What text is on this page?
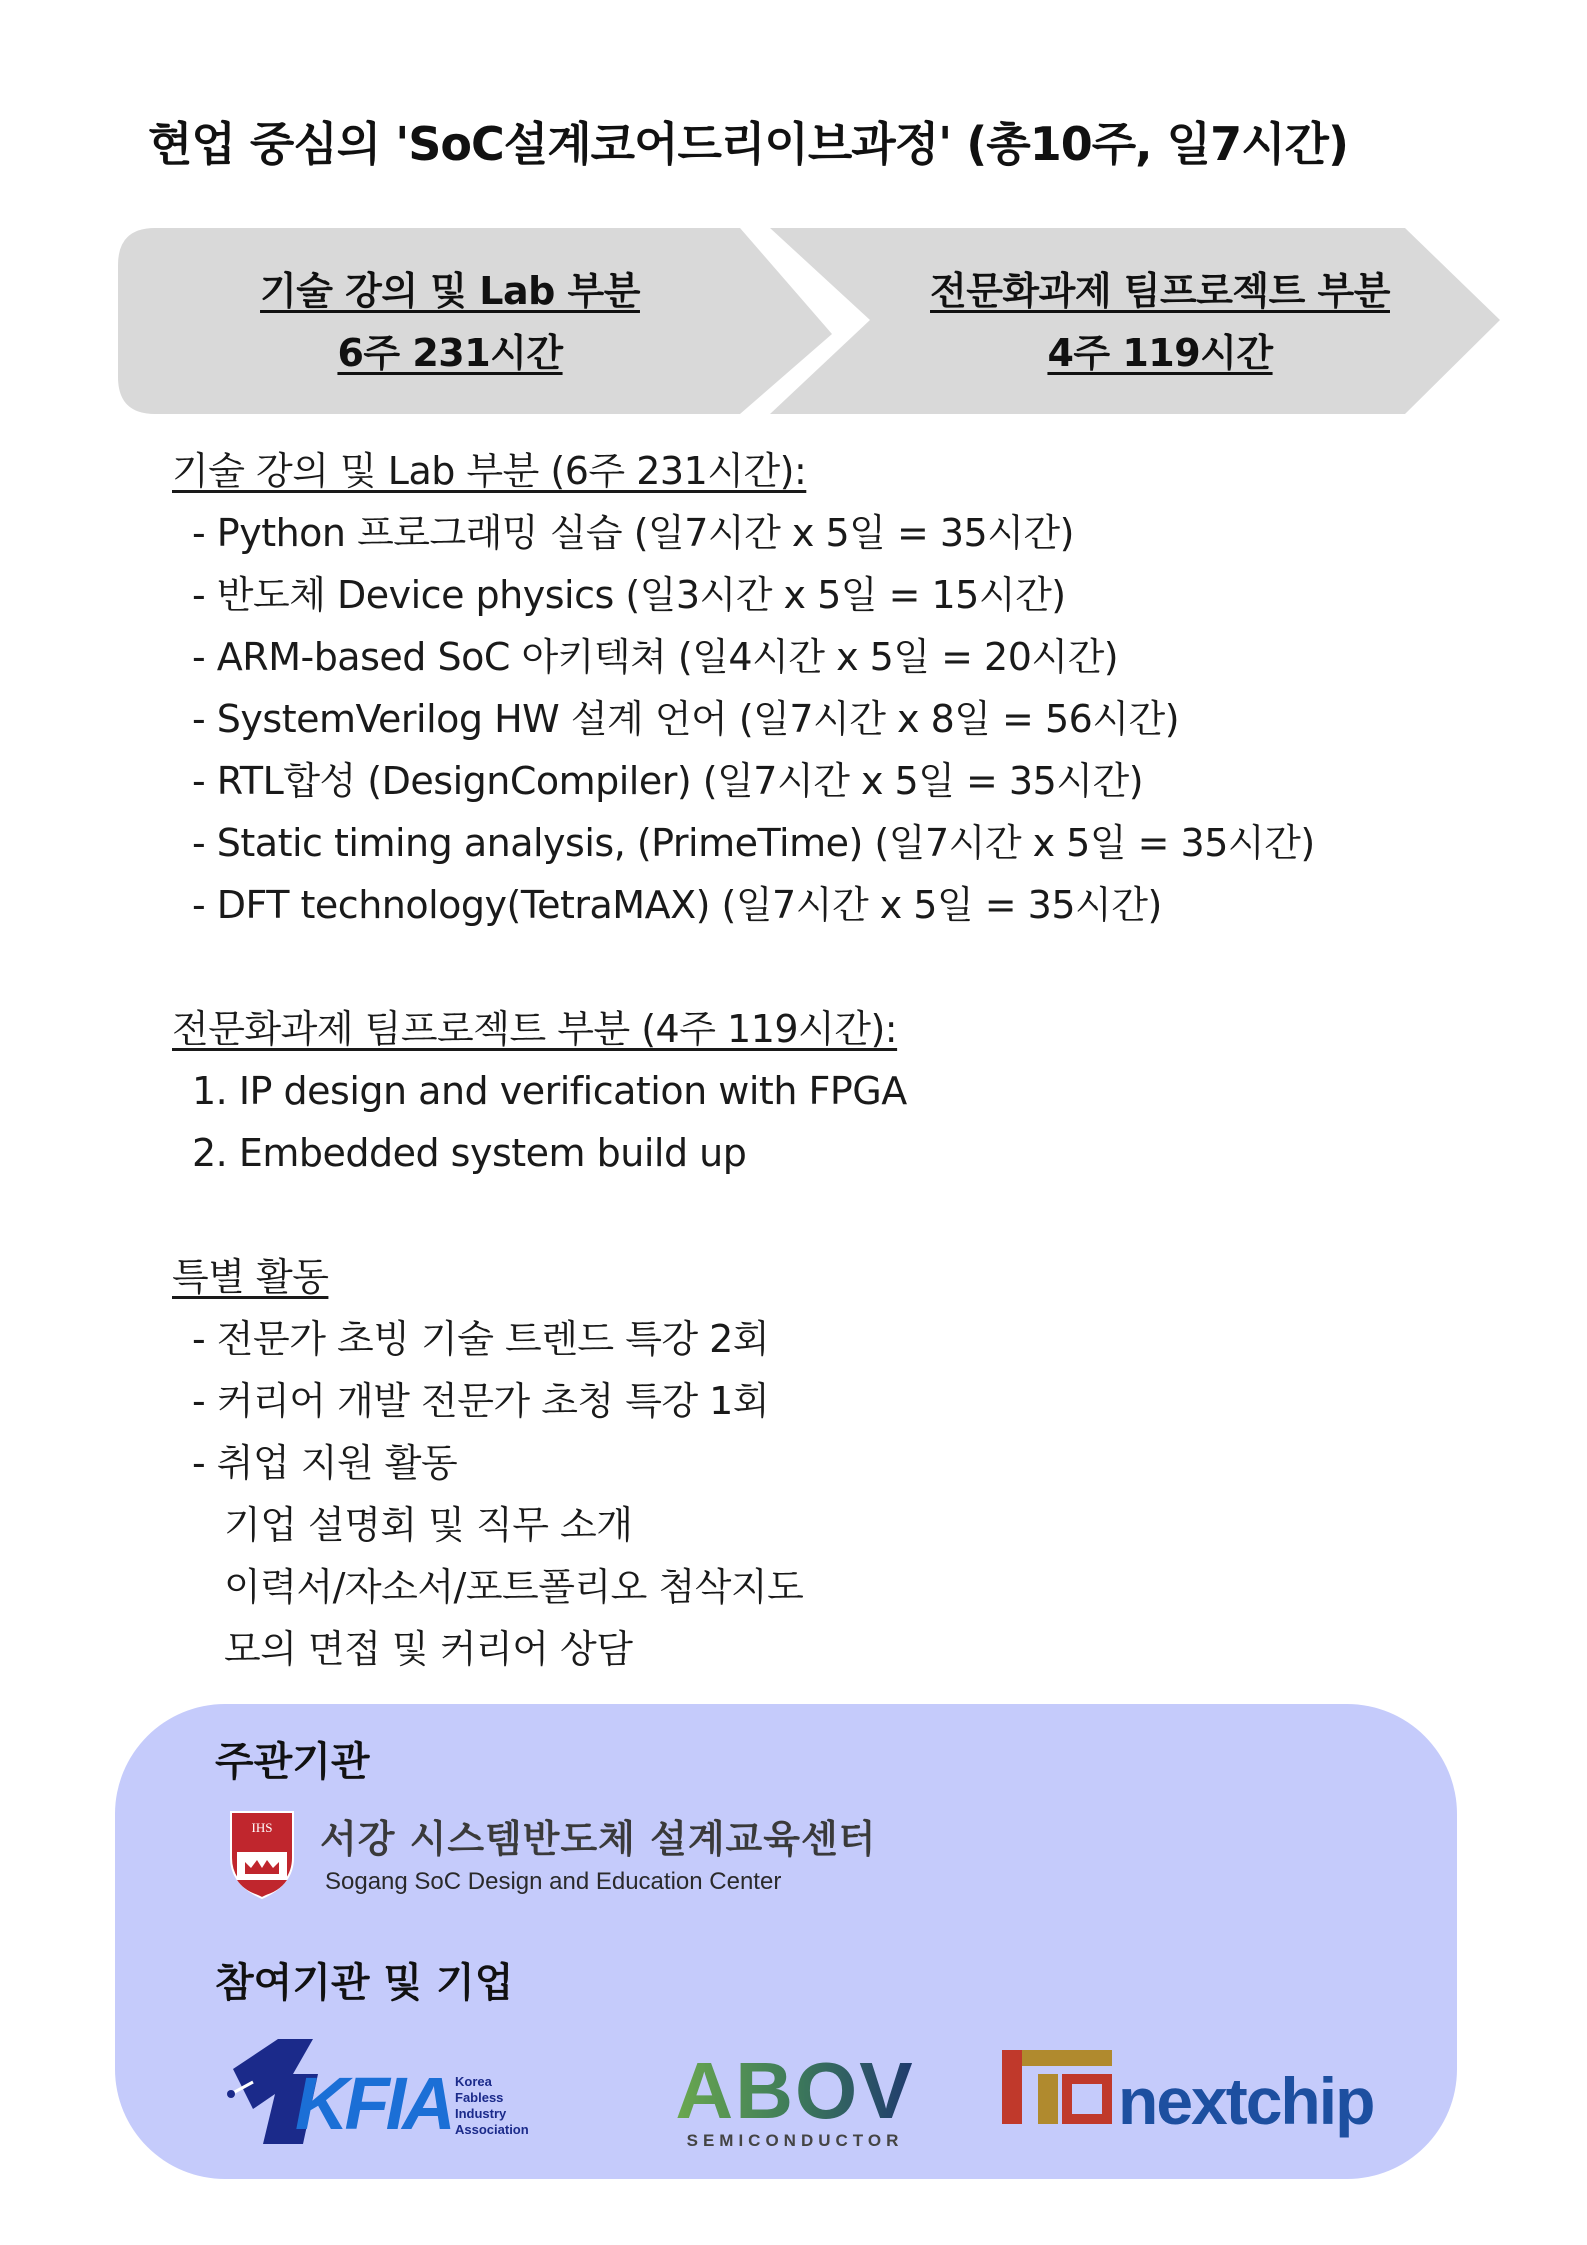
현업 중심의 'SoC설계코어드리이브과정' (총10주, 일7시간)
기술 강의 및 Lab 부분
6주 231시간
전문화과제 팀프로젝트 부분
4주 119시간
기술 강의 및 Lab 부분 (6주 231시간):
- Python 프로그래밍 실습 (일7시간 x 5일 = 35시간)
- 반도체 Device physics (일3시간 x 5일 = 15시간)
- ARM-based SoC 아키텍쳐 (일4시간 x 5일 = 20시간)
- SystemVerilog HW 설계 언어 (일7시간 x 8일 = 56시간)
- RTL합성 (DesignCompiler) (일7시간 x 5일 = 35시간)
- Static timing analysis, (PrimeTime) (일7시간 x 5일 = 35시간)
- DFT technology(TetraMAX) (일7시간 x 5일 = 35시간)
전문화과제 팀프로젝트 부분 (4주 119시간):
1. IP design and verification with FPGA
2. Embedded system build up
특별 활동
- 전문가 초빙 기술 트렌드 특강 2회
- 커리어 개발 전문가 초청 특강 1회
- 취업 지원 활동
기업 설명회 및 직무 소개
이력서/자소서/포트폴리오 첨삭지도
모의 면접 및 커리어 상담
주관기관
IHS 서강 시스템반도체 설계교육센터
Sogang SoC Design and Education Center
참여기관 및 기업
KFIA Korea
Fabless
Industry
Association ABOV
SEMICONDUCTOR
nextchip
